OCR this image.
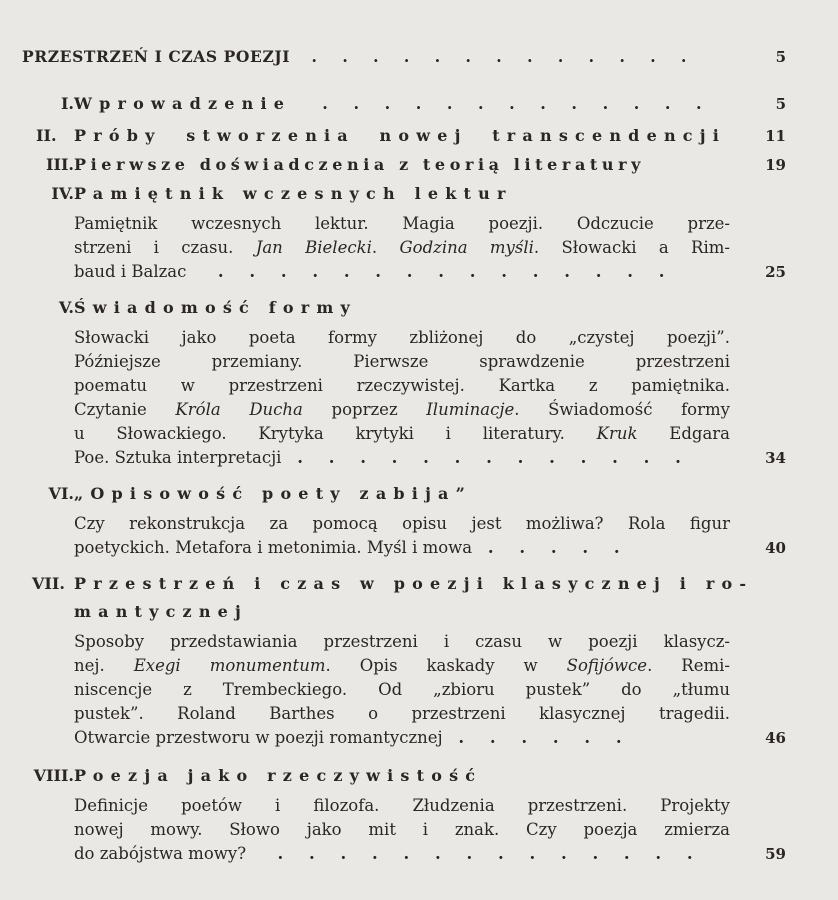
PRZESTRZEŃ I CZAS POEZJI  . . . . . . . . . . . . .	5
I.Wprowadzenie  . . . . . . . . . . . . .	5
II. Próby stworzenia nowej transcendencji	11
III.Pierwsze doświadczenia z teorią literatury	19
IV.Pamiętnik wczesnych lektur
Pamiętnik wczesnych lektur. Magia poezji. Odczucie prze-
strzeni i czasu. Jan Bielecki. Godzina myśli. Słowacki a Rim-
baud i Balzac  . . . . . . . . . . . . . . .	25
V.Świadomość formy
Słowacki jako poeta formy zbliżonej do „czystej poezji”.
Późniejsze przemiany. Pierwsze sprawdzenie przestrzeni
poematu w przestrzeni rzeczywistej. Kartka z pamiętnika.
Czytanie Króla Ducha poprzez Iluminacje. Świadomość formy
u Słowackiego. Krytyka krytyki i literatury. Kruk Edgara
Poe. Sztuka interpretacji . . . . . . . . . . . . .	34
VI.„Opisowość poety zabija”
Czy rekonstrukcja za pomocą opisu jest możliwa? Rola figur
poetyckich. Metafora i metonimia. Myśl i mowa . . . . .	40
VII. Przestrzeń i czas w poezji klasycznej i ro-
mantycznej
Sposoby przedstawiania przestrzeni i czasu w poezji klasycz-
nej. Exegi monumentum. Opis kaskady w Sofijówce. Remi-
niscencje z Trembeckiego. Od „zbioru pustek” do „tłumu
pustek”. Roland Barthes o przestrzeni klasycznej tragedii.
Otwarcie przestworu w poezji romantycznej . . . . . .	46
VIII.Poezja jako rzeczywistość
Definicje poetów i filozofa. Złudzenia przestrzeni. Projekty
nowej mowy. Słowo jako mit i znak. Czy poezja zmierza
do zabójstwa mowy?  . . . . . . . . . . . . . .	59
